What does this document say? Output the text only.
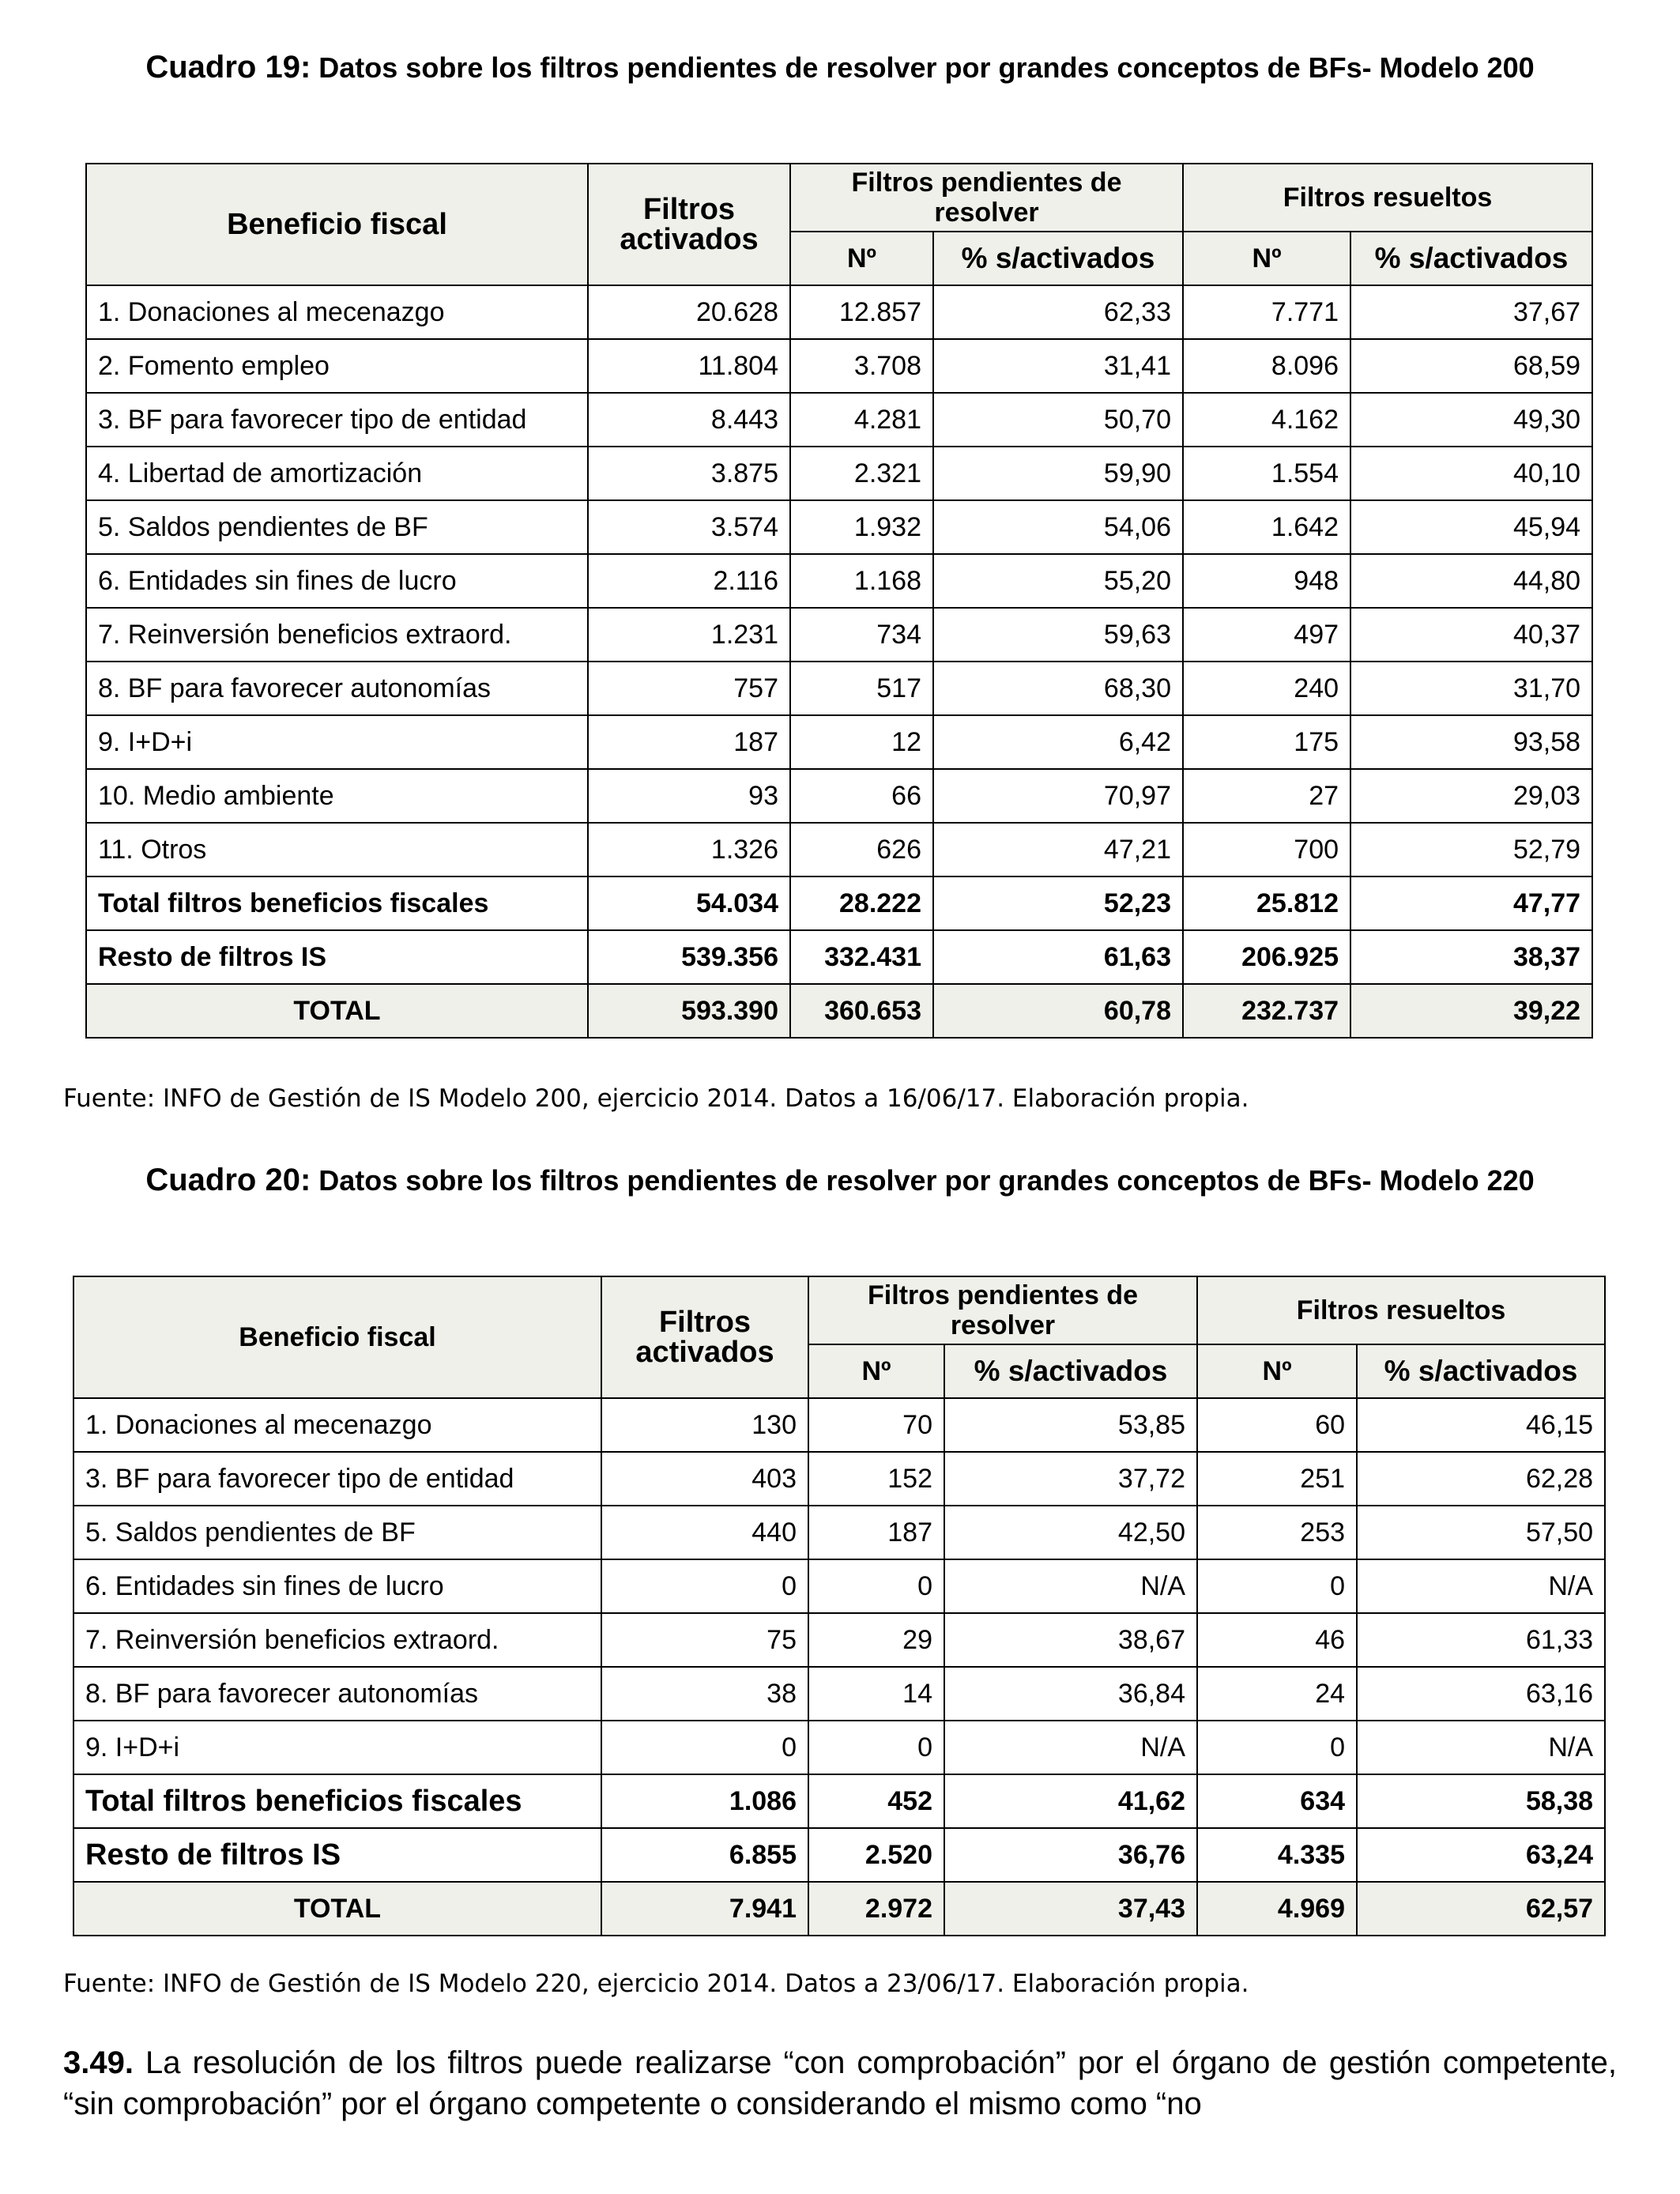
Cuadro 19: Datos sobre los filtros pendientes de resolver por grandes conceptos de BFs- Modelo 200
Beneficio fiscal	Filtros activados	Filtros pendientes de resolver		Filtros resueltos	
		Nº	% s/activados	Nº	% s/activados
1. Donaciones al mecenazgo	20.628	12.857	62,33	7.771	37,67
2. Fomento empleo	11.804	3.708	31,41	8.096	68,59
3. BF para favorecer tipo de entidad	8.443	4.281	50,70	4.162	49,30
4. Libertad de amortización	3.875	2.321	59,90	1.554	40,10
5. Saldos pendientes de BF	3.574	1.932	54,06	1.642	45,94
6. Entidades sin fines de lucro	2.116	1.168	55,20	948	44,80
7. Reinversión beneficios extraord.	1.231	734	59,63	497	40,37
8. BF para favorecer autonomías	757	517	68,30	240	31,70
9. I+D+i	187	12	6,42	175	93,58
10. Medio ambiente	93	66	70,97	27	29,03
11. Otros	1.326	626	47,21	700	52,79
Total filtros beneficios fiscales	54.034	28.222	52,23	25.812	47,77
Resto de filtros IS	539.356	332.431	61,63	206.925	38,37
TOTAL	593.390	360.653	60,78	232.737	39,22
Fuente: INFO de Gestión de IS Modelo 200, ejercicio 2014. Datos a 16/06/17. Elaboración propia.
Cuadro 20: Datos sobre los filtros pendientes de resolver por grandes conceptos de BFs- Modelo 220
Beneficio fiscal	Filtros activados	Filtros pendientes de resolver		Filtros resueltos	
		Nº	% s/activados	Nº	% s/activados
1. Donaciones al mecenazgo	130	70	53,85	60	46,15
3. BF para favorecer tipo de entidad	403	152	37,72	251	62,28
5. Saldos pendientes de BF	440	187	42,50	253	57,50
6. Entidades sin fines de lucro	0	0	N/A	0	N/A
7. Reinversión beneficios extraord.	75	29	38,67	46	61,33
8. BF para favorecer autonomías	38	14	36,84	24	63,16
9. I+D+i	0	0	N/A	0	N/A
Total filtros beneficios fiscales	1.086	452	41,62	634	58,38
Resto de filtros IS	6.855	2.520	36,76	4.335	63,24
TOTAL	7.941	2.972	37,43	4.969	62,57
Fuente: INFO de Gestión de IS Modelo 220, ejercicio 2014. Datos a 23/06/17. Elaboración propia.
3.49. La resolución de los filtros puede realizarse “con comprobación” por el órgano de gestión competente, “sin comprobación” por el órgano competente o considerando el mismo como “no
